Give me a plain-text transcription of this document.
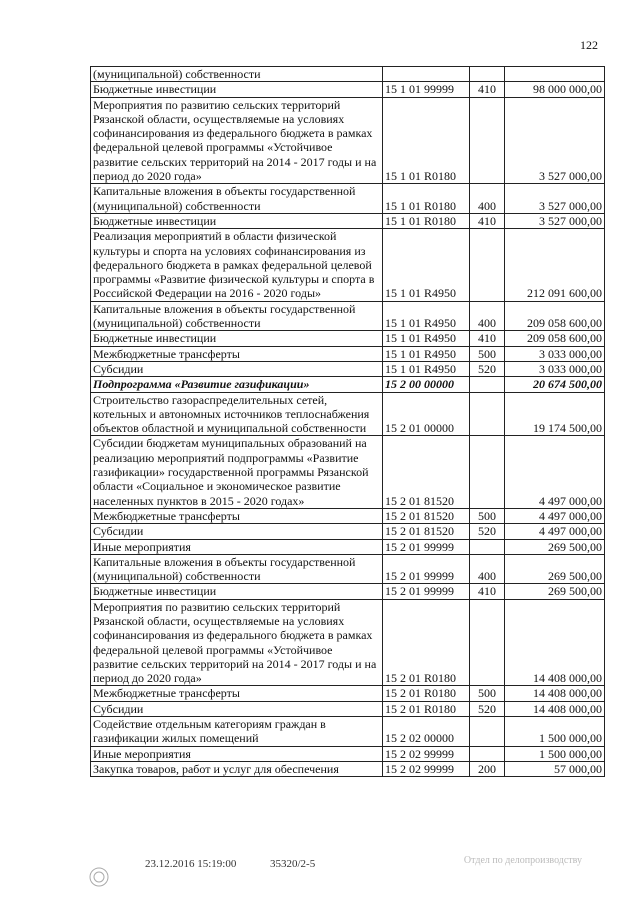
122
(муниципальной) собственности			
Бюджетные инвестиции	15 1 01 99999	410	98 000 000,00
Мероприятия по развитию сельских территорий Рязанской области, осуществляемые на условиях софинансирования из федерального бюджета в рамках федеральной целевой программы «Устойчивое развитие сельских территорий на 2014 - 2017 годы и на период до 2020 года»	15 1 01 R0180		3 527 000,00
Капитальные вложения в объекты государственной (муниципальной) собственности	15 1 01 R0180	400	3 527 000,00
Бюджетные инвестиции	15 1 01 R0180	410	3 527 000,00
Реализация мероприятий в области физической культуры и спорта на условиях софинансирования из федерального бюджета в рамках федеральной целевой программы «Развитие физической культуры и спорта в Российской Федерации на 2016 - 2020 годы»	15 1 01 R4950		212 091 600,00
Капитальные вложения в объекты государственной (муниципальной) собственности	15 1 01 R4950	400	209 058 600,00
Бюджетные инвестиции	15 1 01 R4950	410	209 058 600,00
Межбюджетные трансферты	15 1 01 R4950	500	3 033 000,00
Субсидии	15 1 01 R4950	520	3 033 000,00
Подпрограмма «Развитие газификации»	15 2 00 00000		20 674 500,00
Строительство газораспределительных сетей, котельных и автономных источников теплоснабжения объектов областной и муниципальной собственности	15 2 01 00000		19 174 500,00
Субсидии бюджетам муниципальных образований на реализацию мероприятий подпрограммы «Развитие газификации» государственной программы Рязанской области «Социальное и экономическое развитие населенных пунктов в 2015 - 2020 годах»	15 2 01 81520		4 497 000,00
Межбюджетные трансферты	15 2 01 81520	500	4 497 000,00
Субсидии	15 2 01 81520	520	4 497 000,00
Иные мероприятия	15 2 01 99999		269 500,00
Капитальные вложения в объекты государственной (муниципальной) собственности	15 2 01 99999	400	269 500,00
Бюджетные инвестиции	15 2 01 99999	410	269 500,00
Мероприятия по развитию сельских территорий Рязанской области, осуществляемые на условиях софинансирования из федерального бюджета в рамках федеральной целевой программы «Устойчивое развитие сельских территорий на 2014 - 2017 годы и на период до 2020 года»	15 2 01 R0180		14 408 000,00
Межбюджетные трансферты	15 2 01 R0180	500	14 408 000,00
Субсидии	15 2 01 R0180	520	14 408 000,00
Содействие отдельным категориям граждан в газификации жилых помещений	15 2 02 00000		1 500 000,00
Иные мероприятия	15 2 02 99999		1 500 000,00
Закупка товаров, работ и услуг для обеспечения	15 2 02 99999	200	57 000,00
23.12.2016 15:19:00	35320/2-5	Отдел по делопроизводству
